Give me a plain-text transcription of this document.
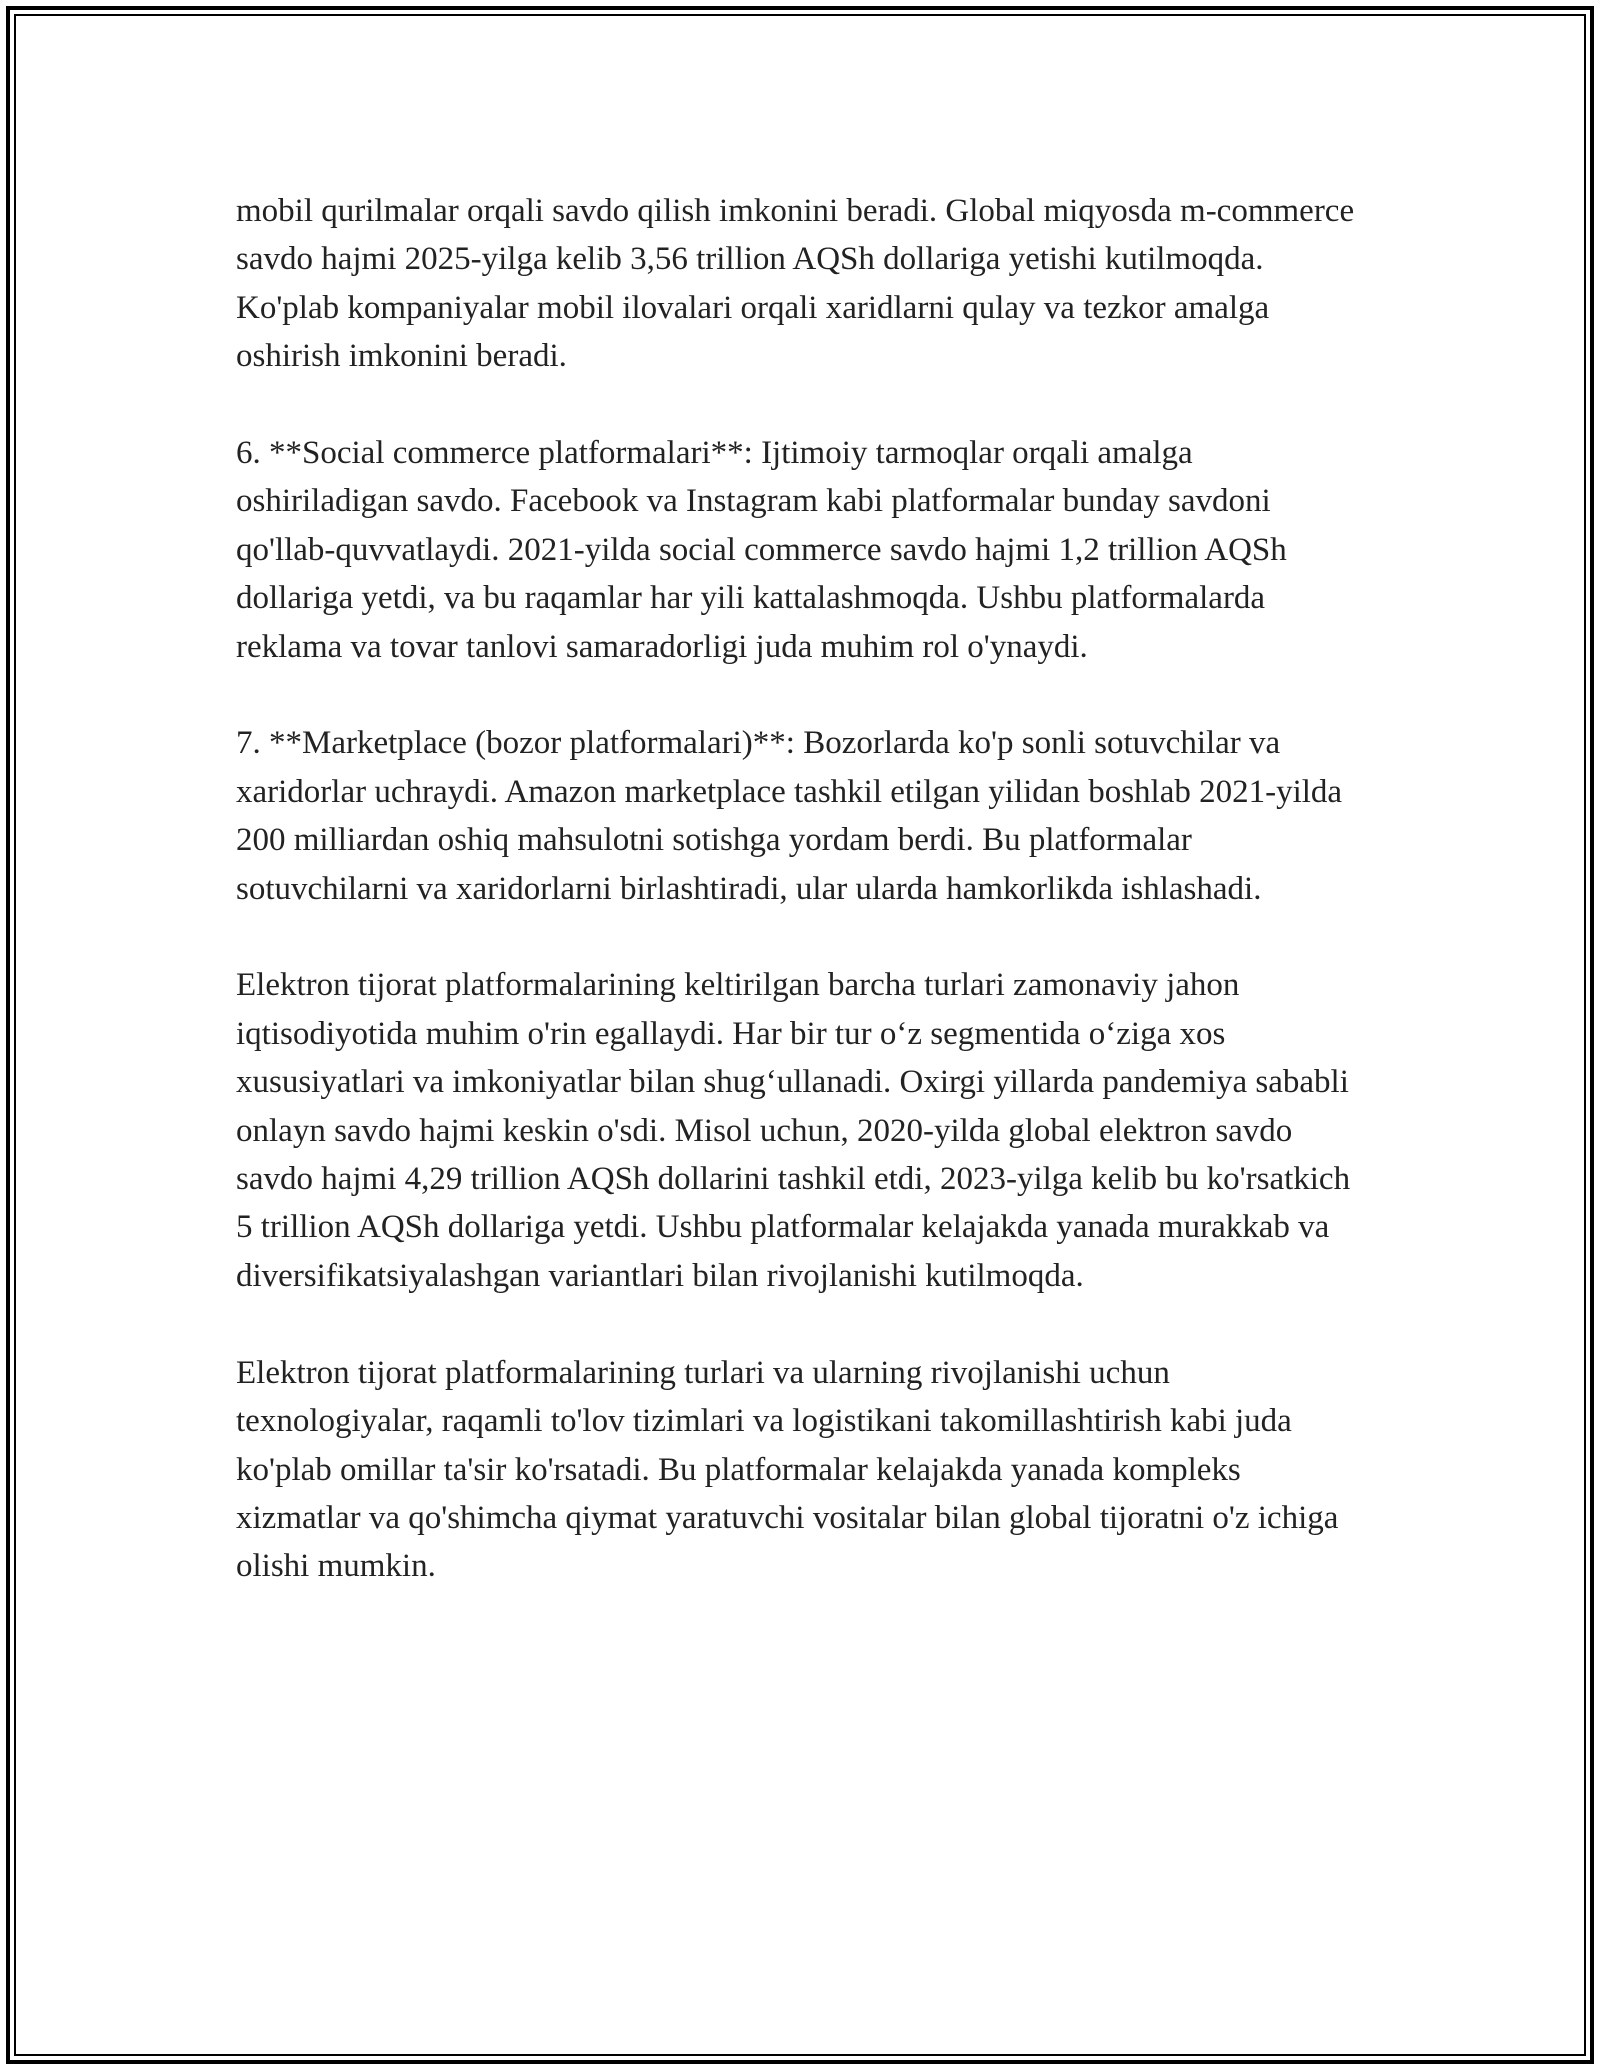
mobil qurilmalar orqali savdo qilish imkonini beradi. Global miqyosda m-commerce savdo hajmi 2025-yilga kelib 3,56 trillion AQSh dollariga yetishi kutilmoqda. Ko'plab kompaniyalar mobil ilovalari orqali xaridlarni qulay va tezkor amalga oshirish imkonini beradi.

6. **Social commerce platformalari**: Ijtimoiy tarmoqlar orqali amalga oshiriladigan savdo. Facebook va Instagram kabi platformalar bunday savdoni qo'llab-quvvatlaydi. 2021-yilda social commerce savdo hajmi 1,2 trillion AQSh dollariga yetdi, va bu raqamlar har yili kattalashmoqda. Ushbu platformalarda reklama va tovar tanlovi samaradorligi juda muhim rol o'ynaydi.

7. **Marketplace (bozor platformalari)**: Bozorlarda ko'p sonli sotuvchilar va xaridorlar uchraydi. Amazon marketplace tashkil etilgan yilidan boshlab 2021-yilda 200 milliardan oshiq mahsulotni sotishga yordam berdi. Bu platformalar sotuvchilarni va xaridorlarni birlashtiradi, ular ularda hamkorlikda ishlashadi.

Elektron tijorat platformalarining keltirilgan barcha turlari zamonaviy jahon iqtisodiyotida muhim o'rin egallaydi. Har bir tur o‘z segmentida o‘ziga xos xususiyatlari va imkoniyatlar bilan shug‘ullanadi. Oxirgi yillarda pandemiya sababli onlayn savdo hajmi keskin o'sdi. Misol uchun, 2020-yilda global elektron savdo savdo hajmi 4,29 trillion AQSh dollarini tashkil etdi, 2023-yilga kelib bu ko'rsatkich 5 trillion AQSh dollariga yetdi. Ushbu platformalar kelajakda yanada murakkab va diversifikatsiyalashgan variantlari bilan rivojlanishi kutilmoqda.

Elektron tijorat platformalarining turlari va ularning rivojlanishi uchun texnologiyalar, raqamli to'lov tizimlari va logistikani takomillashtirish kabi juda ko'plab omillar ta'sir ko'rsatadi. Bu platformalar kelajakda yanada kompleks xizmatlar va qo'shimcha qiymat yaratuvchi vositalar bilan global tijoratni o'z ichiga olishi mumkin.
